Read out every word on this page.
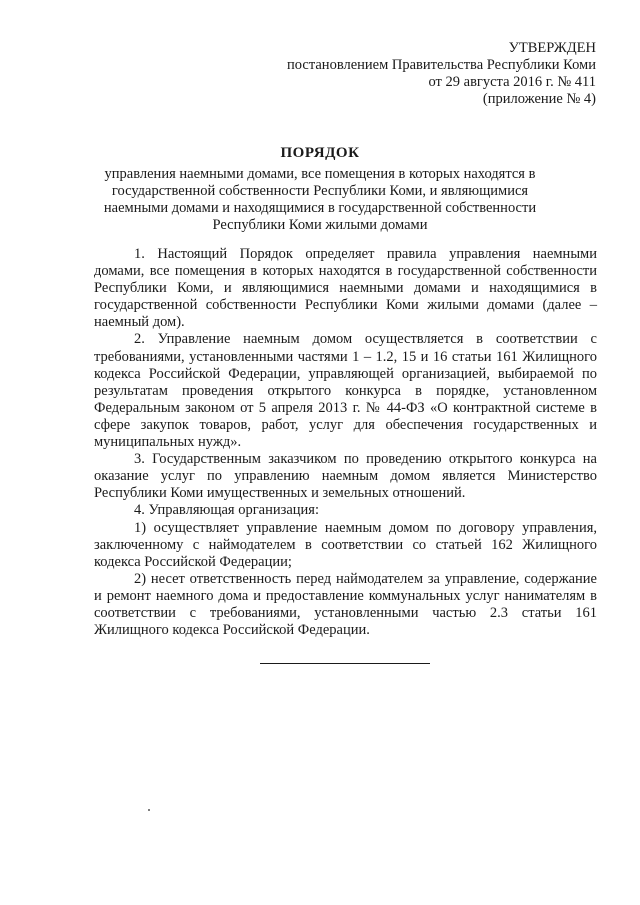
УТВЕРЖДЕН
постановлением Правительства Республики Коми
от 29 августа 2016 г. № 411
(приложение № 4)
ПОРЯДОК
управления наемными домами, все помещения в которых находятся в государственной собственности Республики Коми, и являющимися наемными домами и находящимися в государственной собственности Республики Коми жилыми домами

1. Настоящий Порядок определяет правила управления наемными домами, все помещения в которых находятся в государственной собственности Республики Коми, и являющимися наемными домами и находящимися в государственной собственности Республики Коми жилыми домами (далее – наемный дом).

2. Управление наемным домом осуществляется в соответствии с требованиями, установленными частями 1 – 1.2, 15 и 16 статьи 161 Жилищного кодекса Российской Федерации, управляющей организацией, выбираемой по результатам проведения открытого конкурса в порядке, установленном Федеральным законом от 5 апреля 2013 г. № 44-ФЗ «О контрактной системе в сфере закупок товаров, работ, услуг для обеспечения государственных и муниципальных нужд».

3. Государственным заказчиком по проведению открытого конкурса на оказание услуг по управлению наемным домом является Министерство Республики Коми имущественных и земельных отношений.

4. Управляющая организация:

1) осуществляет управление наемным домом по договору управления, заключенному с наймодателем в соответствии со статьей 162 Жилищного кодекса Российской Федерации;

2) несет ответственность перед наймодателем за управление, содержание и ремонт наемного дома и предоставление коммунальных услуг нанимателям в соответствии с требованиями, установленными частью 2.3 статьи 161 Жилищного кодекса Российской Федерации.
